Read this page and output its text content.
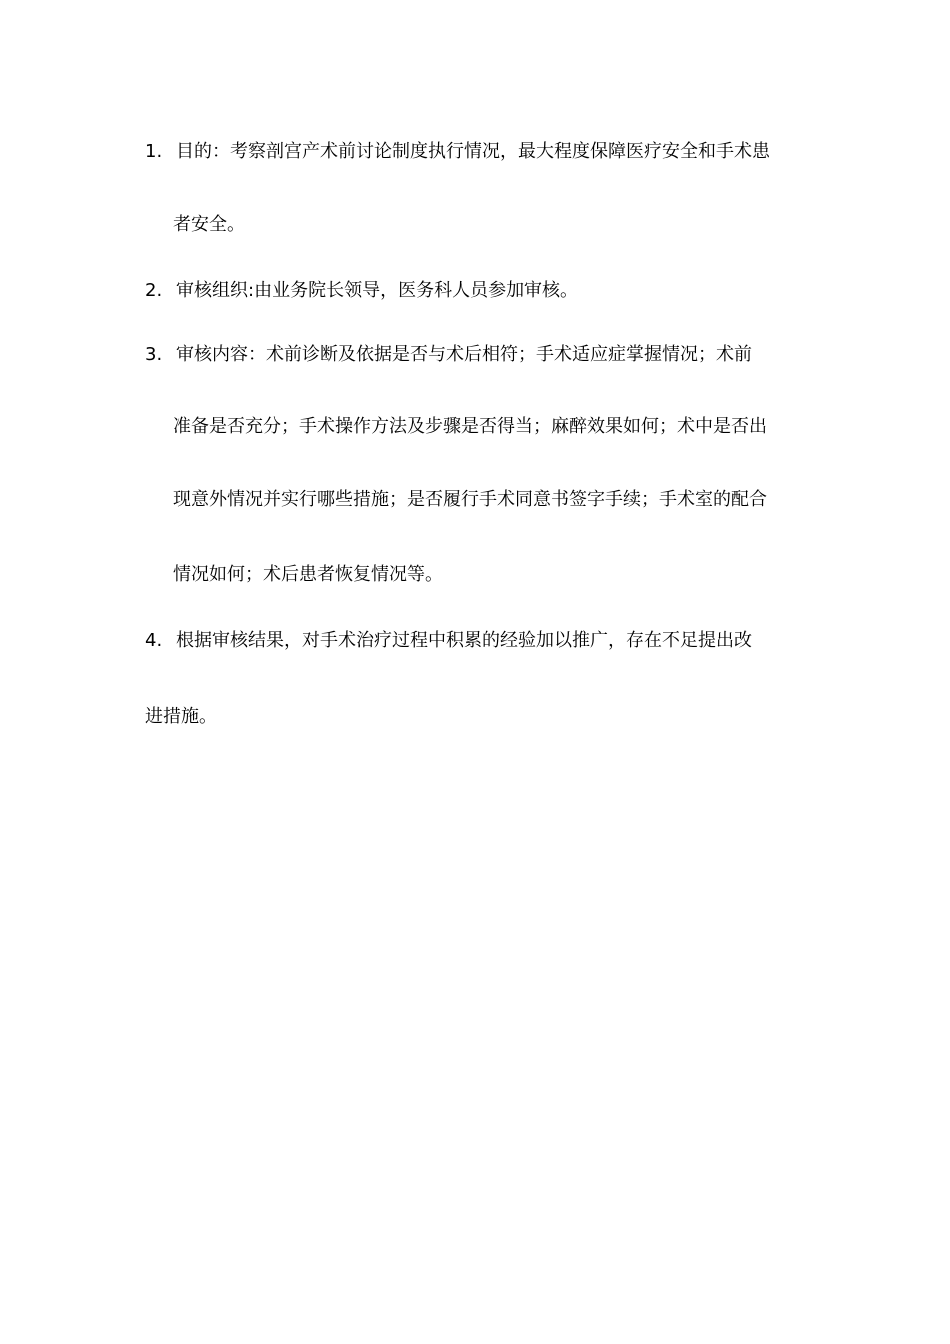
1. 目的：考察剖宫产术前讨论制度执行情况，最大程度保障医疗安全和手术患
者安全。
2. 审核组织:由业务院长领导，医务科人员参加审核。
3. 审核内容：术前诊断及依据是否与术后相符；手术适应症掌握情况；术前
准备是否充分；手术操作方法及步骤是否得当；麻醉效果如何；术中是否出
现意外情况并实行哪些措施；是否履行手术同意书签字手续；手术室的配合
情况如何；术后患者恢复情况等。
4. 根据审核结果，对手术治疗过程中积累的经验加以推广，存在不足提出改
进措施。
